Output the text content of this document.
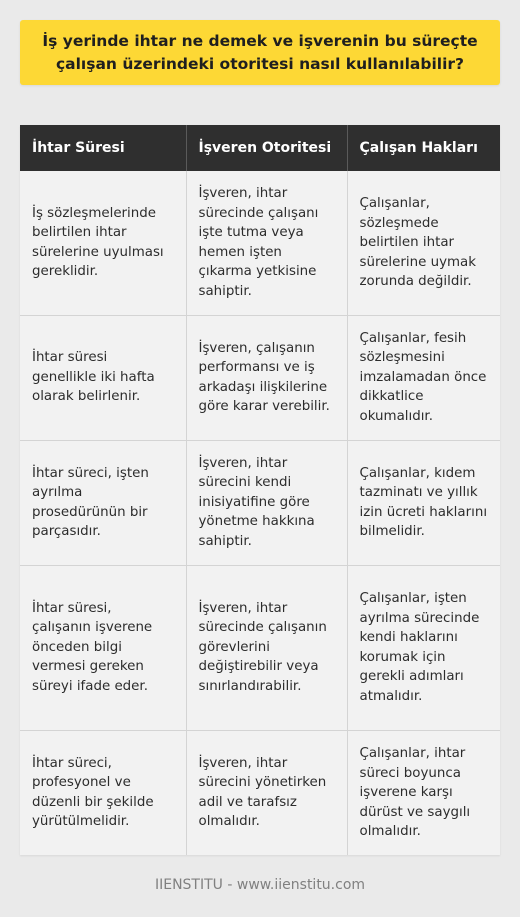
İş yerinde ihtar ne demek ve işverenin bu süreçte çalışan üzerindeki otoritesi nasıl kullanılabilir?
İhtar Süresi	İşveren Otoritesi	Çalışan Hakları
İş sözleşmelerinde belirtilen ihtar sürelerine uyulması gereklidir.	İşveren, ihtar sürecinde çalışanı işte tutma veya hemen işten çıkarma yetkisine sahiptir.	Çalışanlar, sözleşmede belirtilen ihtar sürelerine uymak zorunda değildir.
İhtar süresi genellikle iki hafta olarak belirlenir.	İşveren, çalışanın performansı ve iş arkadaşı ilişkilerine göre karar verebilir.	Çalışanlar, fesih sözleşmesini imzalamadan önce dikkatlice okumalıdır.
İhtar süreci, işten ayrılma prosedürünün bir parçasıdır.	İşveren, ihtar sürecini kendi inisiyatifine göre yönetme hakkına sahiptir.	Çalışanlar, kıdem tazminatı ve yıllık izin ücreti haklarını bilmelidir.
İhtar süresi, çalışanın işverene önceden bilgi vermesi gereken süreyi ifade eder.	İşveren, ihtar sürecinde çalışanın görevlerini değiştirebilir veya sınırlandırabilir.	Çalışanlar, işten ayrılma sürecinde kendi haklarını korumak için gerekli adımları atmalıdır.
İhtar süreci, profesyonel ve düzenli bir şekilde yürütülmelidir.	İşveren, ihtar sürecini yönetirken adil ve tarafsız olmalıdır.	Çalışanlar, ihtar süreci boyunca işverene karşı dürüst ve saygılı olmalıdır.
IIENSTITU - www.iienstitu.com
